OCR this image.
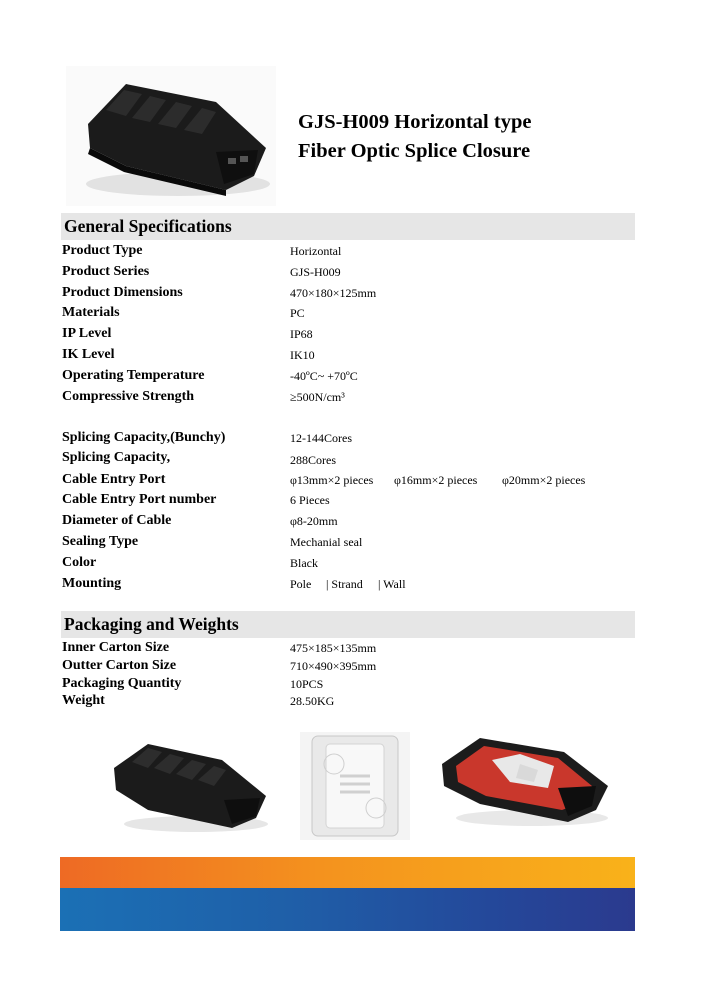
GJS-H009 Horizontal type
Fiber Optic Splice Closure
General Specifications
Product Type	Horizontal
Product Series	GJS-H009
Product Dimensions	470×180×125mm
Materials	PC
IP Level	IP68
IK Level	IK10
Operating Temperature	-40ºC~ +70ºC
Compressive Strength	≥500N/cm³
Splicing Capacity,(Bunchy)	12-144Cores
Splicing Capacity,	288Cores
Cable Entry Port	φ13mm×2 pieces φ16mm×2 pieces φ20mm×2 pieces
Cable Entry Port number	6 Pieces
Diameter of Cable	φ8-20mm
Sealing Type	Mechanial seal
Color	Black
Mounting	Pole | Strand | Wall
Packaging and Weights
Inner Carton Size	475×185×135mm
Outter Carton Size	710×490×395mm
Packaging Quantity	10PCS
Weight	28.50KG
